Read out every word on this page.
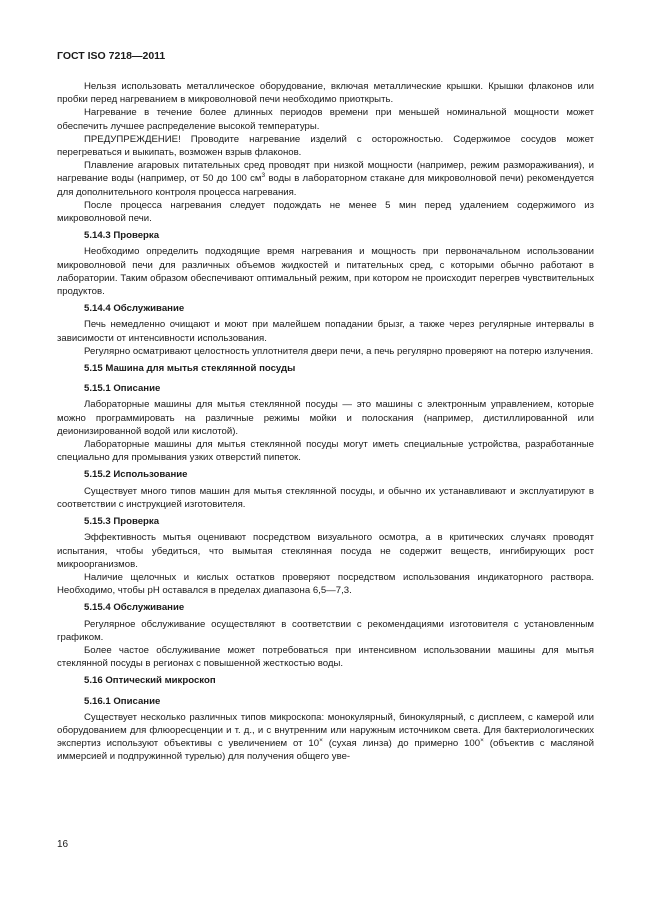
ГОСТ ISO 7218—2011

Нельзя использовать металлическое оборудование, включая металлические крышки. Крышки флаконов или пробки перед нагреванием в микроволновой печи необходимо приоткрыть.

Нагревание в течение более длинных периодов времени при меньшей номинальной мощности может обеспечить лучшее распределение высокой температуры.

ПРЕДУПРЕЖДЕНИЕ! Проводите нагревание изделий с осторожностью. Содержимое сосудов может перегреваться и выкипать, возможен взрыв флаконов.

Плавление агаровых питательных сред проводят при низкой мощности (например, режим размораживания), и нагревание воды (например, от 50 до 100 $см^3$ воды в лабораторном стакане для микроволновой печи) рекомендуется для дополнительного контроля процесса нагревания.

После процесса нагревания следует подождать не менее 5 мин перед удалением содержимого из микроволновой печи.

5.14.3 Проверка

Необходимо определить подходящие время нагревания и мощность при первоначальном использовании микроволновой печи для различных объемов жидкостей и питательных сред, с которыми обычно работают в лаборатории. Таким образом обеспечивают оптимальный режим, при котором не происходит перегрев чувствительных продуктов.

5.14.4 Обслуживание

Печь немедленно очищают и моют при малейшем попадании брызг, а также через регулярные интервалы в зависимости от интенсивности использования.

Регулярно осматривают целостность уплотнителя двери печи, а печь регулярно проверяют на потерю излучения.

5.15 Машина для мытья стеклянной посуды
5.15.1 Описание

Лабораторные машины для мытья стеклянной посуды — это машины с электронным управлением, которые можно программировать на различные режимы мойки и полоскания (например, дистиллированной или деионизированной водой или кислотой).

Лабораторные машины для мытья стеклянной посуды могут иметь специальные устройства, разработанные специально для промывания узких отверстий пипеток.

5.15.2 Использование

Существует много типов машин для мытья стеклянной посуды, и обычно их устанавливают и эксплуатируют в соответствии с инструкцией изготовителя.

5.15.3 Проверка

Эффективность мытья оценивают посредством визуального осмотра, а в критических случаях проводят испытания, чтобы убедиться, что вымытая стеклянная посуда не содержит веществ, ингибирующих рост микроорганизмов.

Наличие щелочных и кислых остатков проверяют посредством использования индикаторного раствора. Необходимо, чтобы pH оставался в пределах диапазона 6,5—7,3.

5.15.4 Обслуживание

Регулярное обслуживание осуществляют в соответствии с рекомендациями изготовителя с установленным графиком.

Более частое обслуживание может потребоваться при интенсивном использовании машины для мытья стеклянной посуды в регионах с повышенной жесткостью воды.

5.16 Оптический микроскоп
5.16.1 Описание

Существует несколько различных типов микроскопа: монокулярный, бинокулярный, с дисплеем, с камерой или оборудованием для флюоресценции и т. д., и с внутренним или наружным источником света. Для бактериологических экспертиз используют объективы с увеличением от 10× (сухая линза) до примерно 100× (объектив с масляной иммерсией и подпружинной турелью) для получения общего уве-

16
